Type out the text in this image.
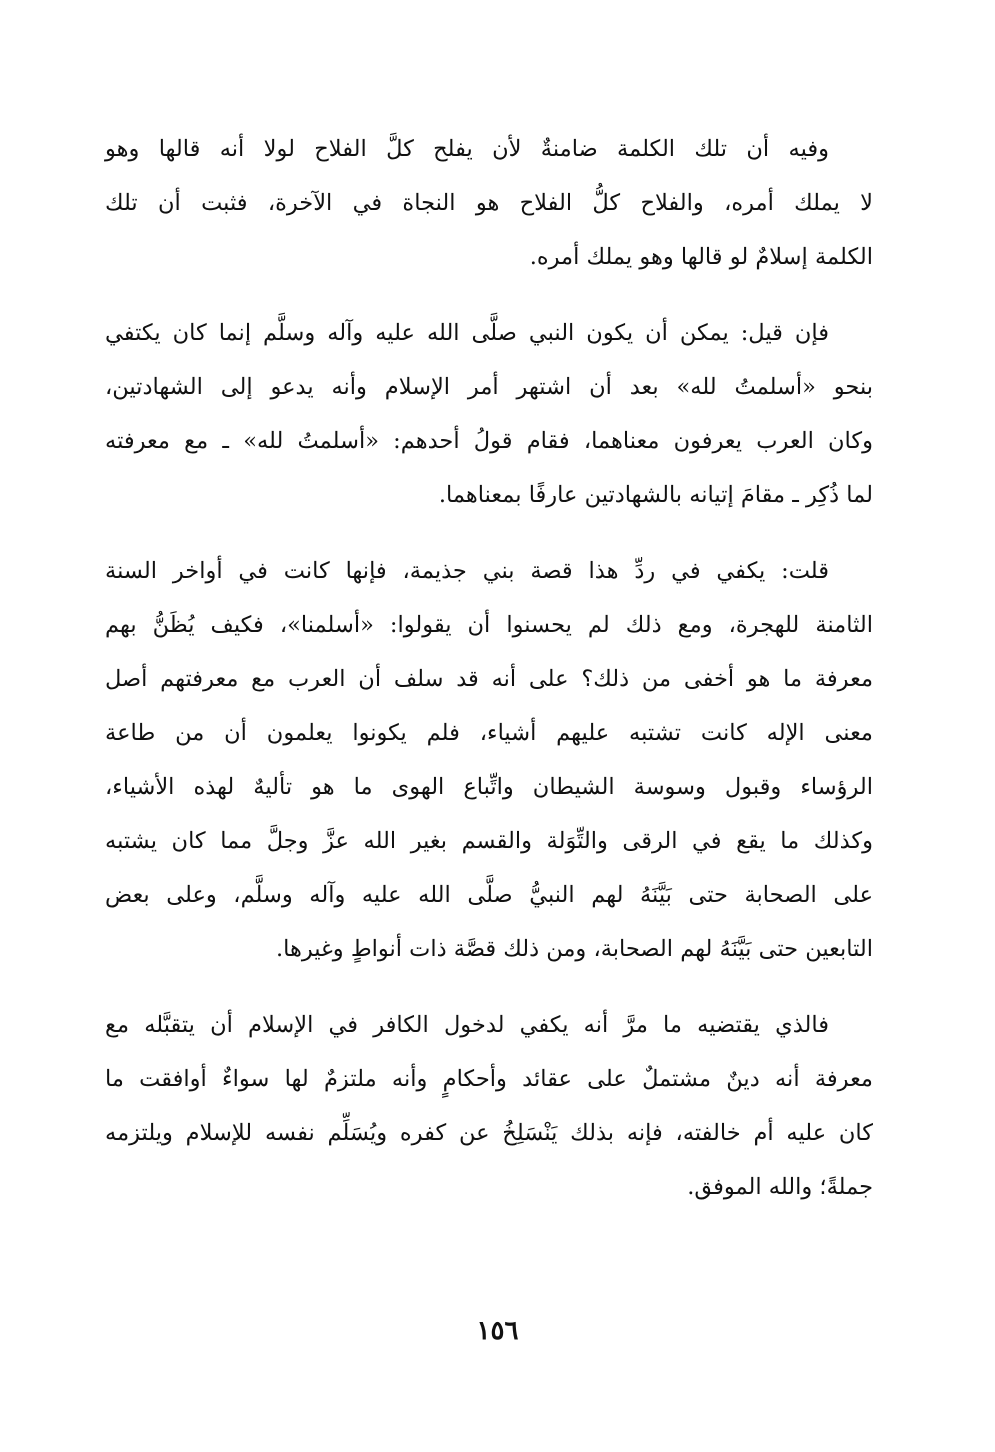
وفيه أن تلك الكلمة ضامنةٌ لأن يفلح كلَّ الفلاح لولا أنه قالها وهو
لا يملك أمره، والفلاح كلُّ الفلاح هو النجاة في الآخرة، فثبت أن تلك
الكلمة إسلامٌ لو قالها وهو يملك أمره.

فإن قيل: يمكن أن يكون النبي صلَّى الله عليه وآله وسلَّم إنما كان يكتفي
بنحو «أسلمتُ لله» بعد أن اشتهر أمر الإسلام وأنه يدعو إلى الشهادتين،
وكان العرب يعرفون معناهما، فقام قولُ أحدهم: «أسلمتُ لله» ـ مع معرفته
لما ذُكِر ـ مقامَ إتيانه بالشهادتين عارفًا بمعناهما.

قلت: يكفي في ردِّ هذا قصة بني جذيمة، فإنها كانت في أواخر السنة
الثامنة للهجرة، ومع ذلك لم يحسنوا أن يقولوا: «أسلمنا»، فكيف يُظَنُّ بهم
معرفة ما هو أخفى من ذلك؟ على أنه قد سلف أن العرب مع معرفتهم أصل
معنى الإله كانت تشتبه عليهم أشياء، فلم يكونوا يعلمون أن من طاعة
الرؤساء وقبول وسوسة الشيطان واتِّباع الهوى ما هو تأليهٌ لهذه الأشياء،
وكذلك ما يقع في الرقى والتِّوَلة والقسم بغير الله عزَّ وجلَّ مما كان يشتبه
على الصحابة حتى بَيَّنَهُ لهم النبيُّ صلَّى الله عليه وآله وسلَّم، وعلى بعض
التابعين حتى بَيَّنَهُ لهم الصحابة، ومن ذلك قصَّة ذات أنواطٍ وغيرها.

فالذي يقتضيه ما مرَّ أنه يكفي لدخول الكافر في الإسلام أن يتقبَّله مع
معرفة أنه دينٌ مشتملٌ على عقائد وأحكامٍ وأنه ملتزمٌ لها سواءٌ أوافقت ما
كان عليه أم خالفته، فإنه بذلك يَنْسَلِخُ عن كفره ويُسَلِّم نفسه للإسلام ويلتزمه
جملةً؛ والله الموفق.

١٥٦
